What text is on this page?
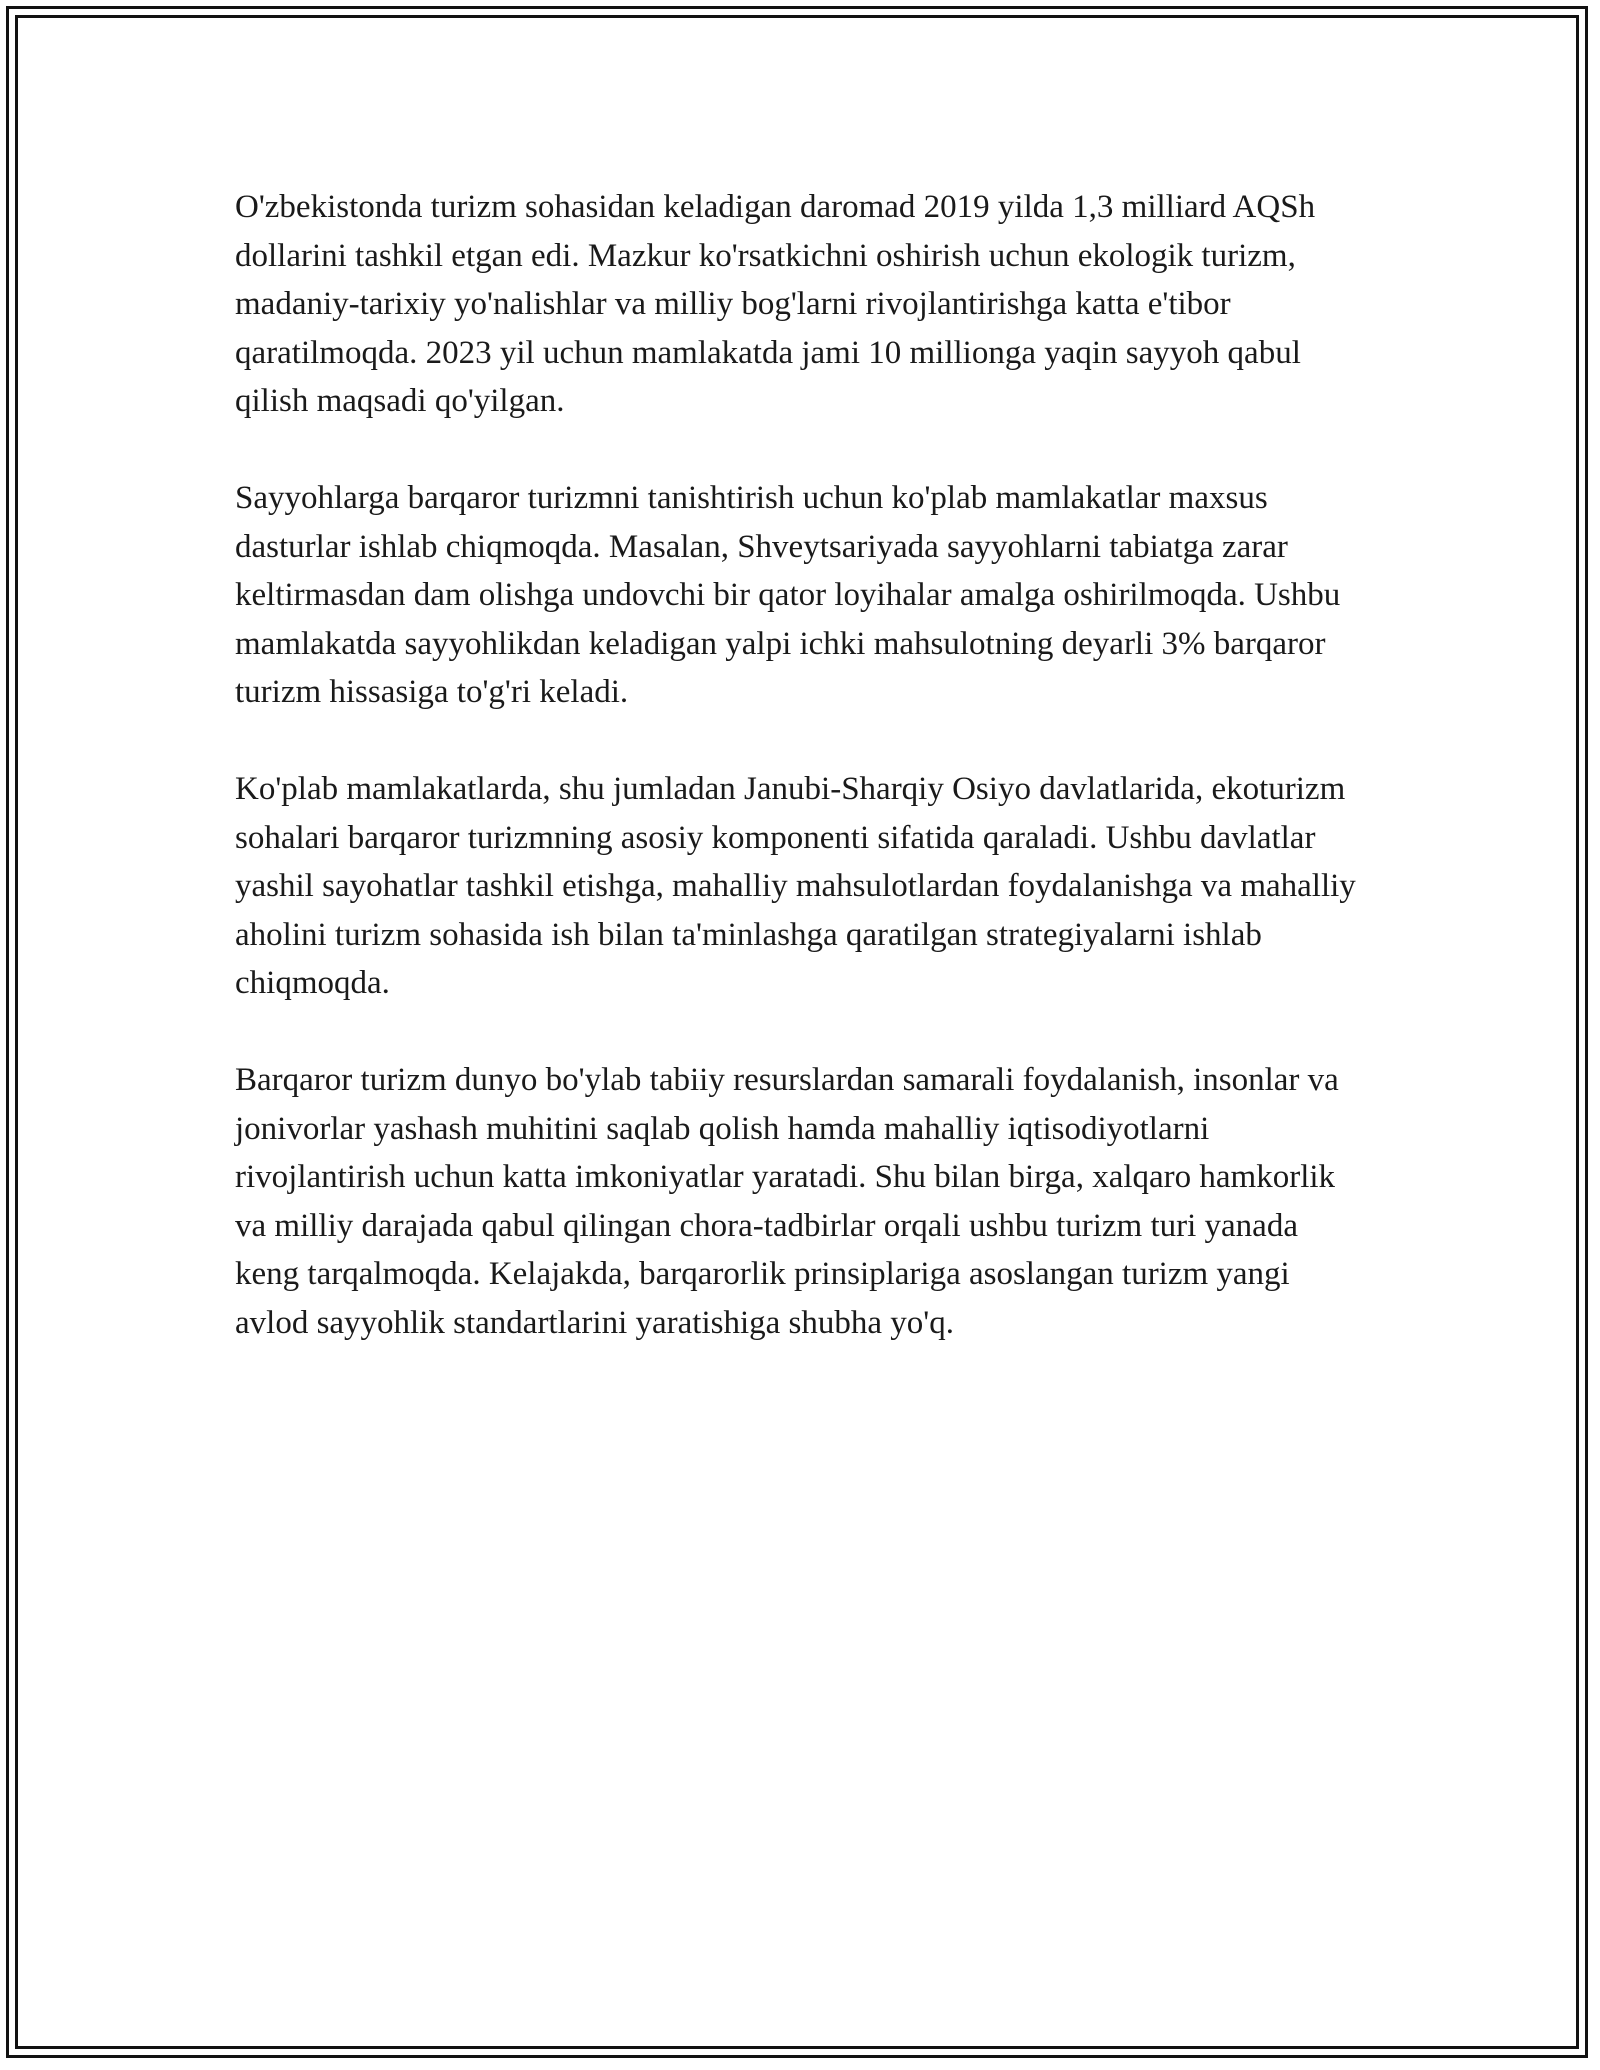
O'zbekistonda turizm sohasidan keladigan daromad 2019 yilda 1,3 milliard AQSh dollarini tashkil etgan edi. Mazkur ko'rsatkichni oshirish uchun ekologik turizm, madaniy-tarixiy yo'nalishlar va milliy bog'larni rivojlantirishga katta e'tibor qaratilmoqda. 2023 yil uchun mamlakatda jami 10 millionga yaqin sayyoh qabul qilish maqsadi qo'yilgan.

Sayyohlarga barqaror turizmni tanishtirish uchun ko'plab mamlakatlar maxsus dasturlar ishlab chiqmoqda. Masalan, Shveytsariyada sayyohlarni tabiatga zarar keltirmasdan dam olishga undovchi bir qator loyihalar amalga oshirilmoqda. Ushbu mamlakatda sayyohlikdan keladigan yalpi ichki mahsulotning deyarli 3% barqaror turizm hissasiga to'g'ri keladi.

Ko'plab mamlakatlarda, shu jumladan Janubi-Sharqiy Osiyo davlatlarida, ekoturizm sohalari barqaror turizmning asosiy komponenti sifatida qaraladi. Ushbu davlatlar yashil sayohatlar tashkil etishga, mahalliy mahsulotlardan foydalanishga va mahalliy aholini turizm sohasida ish bilan ta'minlashga qaratilgan strategiyalarni ishlab chiqmoqda.

Barqaror turizm dunyo bo'ylab tabiiy resurslardan samarali foydalanish, insonlar va jonivorlar yashash muhitini saqlab qolish hamda mahalliy iqtisodiyotlarni rivojlantirish uchun katta imkoniyatlar yaratadi. Shu bilan birga, xalqaro hamkorlik va milliy darajada qabul qilingan chora-tadbirlar orqali ushbu turizm turi yanada keng tarqalmoqda. Kelajakda, barqarorlik prinsiplariga asoslangan turizm yangi avlod sayyohlik standartlarini yaratishiga shubha yo'q.
